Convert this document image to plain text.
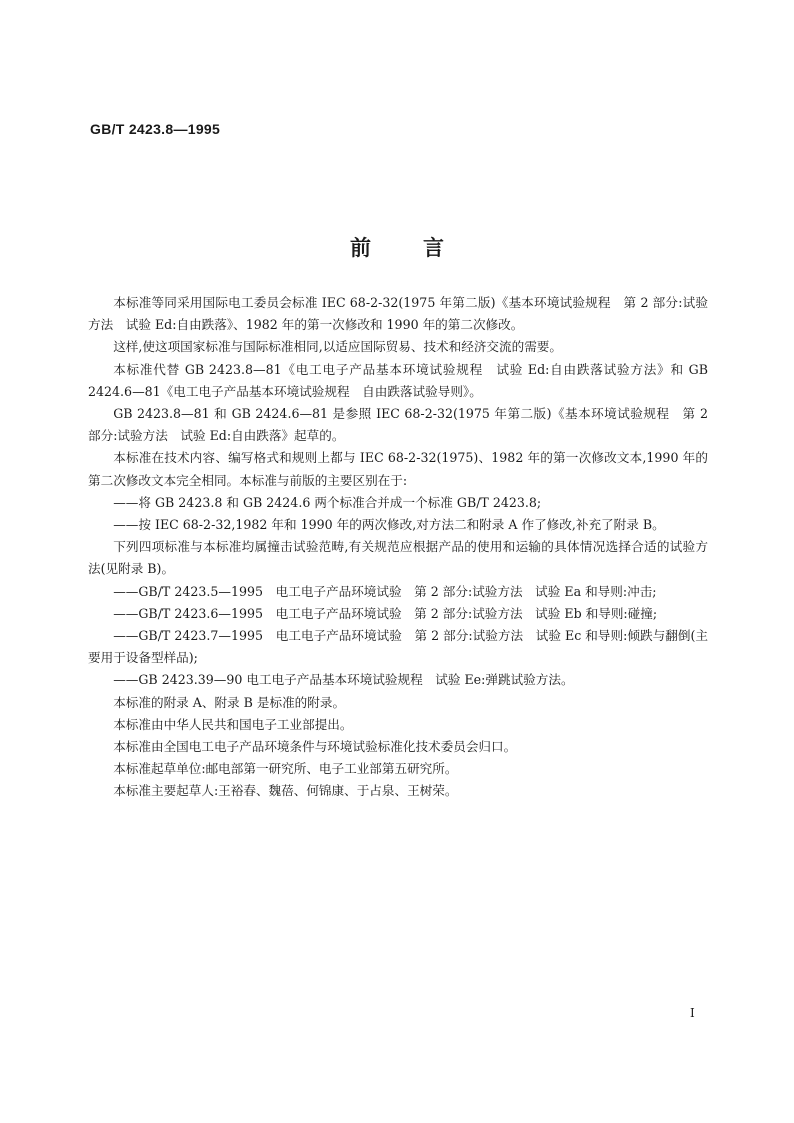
GB/T 2423.8—1995
前言

本标准等同采用国际电工委员会标准 IEC 68-2-32(1975 年第二版)《基本环境试验规程　第 2 部分:试验方法　试验 Ed:自由跌落》、1982 年的第一次修改和 1990 年的第二次修改。

这样,使这项国家标准与国际标准相同,以适应国际贸易、技术和经济交流的需要。

本标准代替 GB 2423.8—81《电工电子产品基本环境试验规程　试验 Ed:自由跌落试验方法》和 GB 2424.6—81《电工电子产品基本环境试验规程　自由跌落试验导则》。

GB 2423.8—81 和 GB 2424.6—81 是参照 IEC 68-2-32(1975 年第二版)《基本环境试验规程　第 2 部分:试验方法　试验 Ed:自由跌落》起草的。

本标准在技术内容、编写格式和规则上都与 IEC 68-2-32(1975)、1982 年的第一次修改文本,1990 年的第二次修改文本完全相同。本标准与前版的主要区别在于:

——将 GB 2423.8 和 GB 2424.6 两个标准合并成一个标准 GB/T 2423.8;

——按 IEC 68-2-32,1982 年和 1990 年的两次修改,对方法二和附录 A 作了修改,补充了附录 B。

下列四项标准与本标准均属撞击试验范畴,有关规范应根据产品的使用和运输的具体情况选择合适的试验方法(见附录 B)。

——GB/T 2423.5—1995　电工电子产品环境试验　第 2 部分:试验方法　试验 Ea 和导则:冲击;

——GB/T 2423.6—1995　电工电子产品环境试验　第 2 部分:试验方法　试验 Eb 和导则:碰撞;

——GB/T 2423.7—1995　电工电子产品环境试验　第 2 部分:试验方法　试验 Ec 和导则:倾跌与翻倒(主要用于设备型样品);

——GB 2423.39—90 电工电子产品基本环境试验规程　试验 Ee:弹跳试验方法。

本标准的附录 A、附录 B 是标准的附录。

本标准由中华人民共和国电子工业部提出。

本标准由全国电工电子产品环境条件与环境试验标准化技术委员会归口。

本标准起草单位:邮电部第一研究所、电子工业部第五研究所。

本标准主要起草人:王裕春、魏蓓、何锦康、于占泉、王树荣。

I
